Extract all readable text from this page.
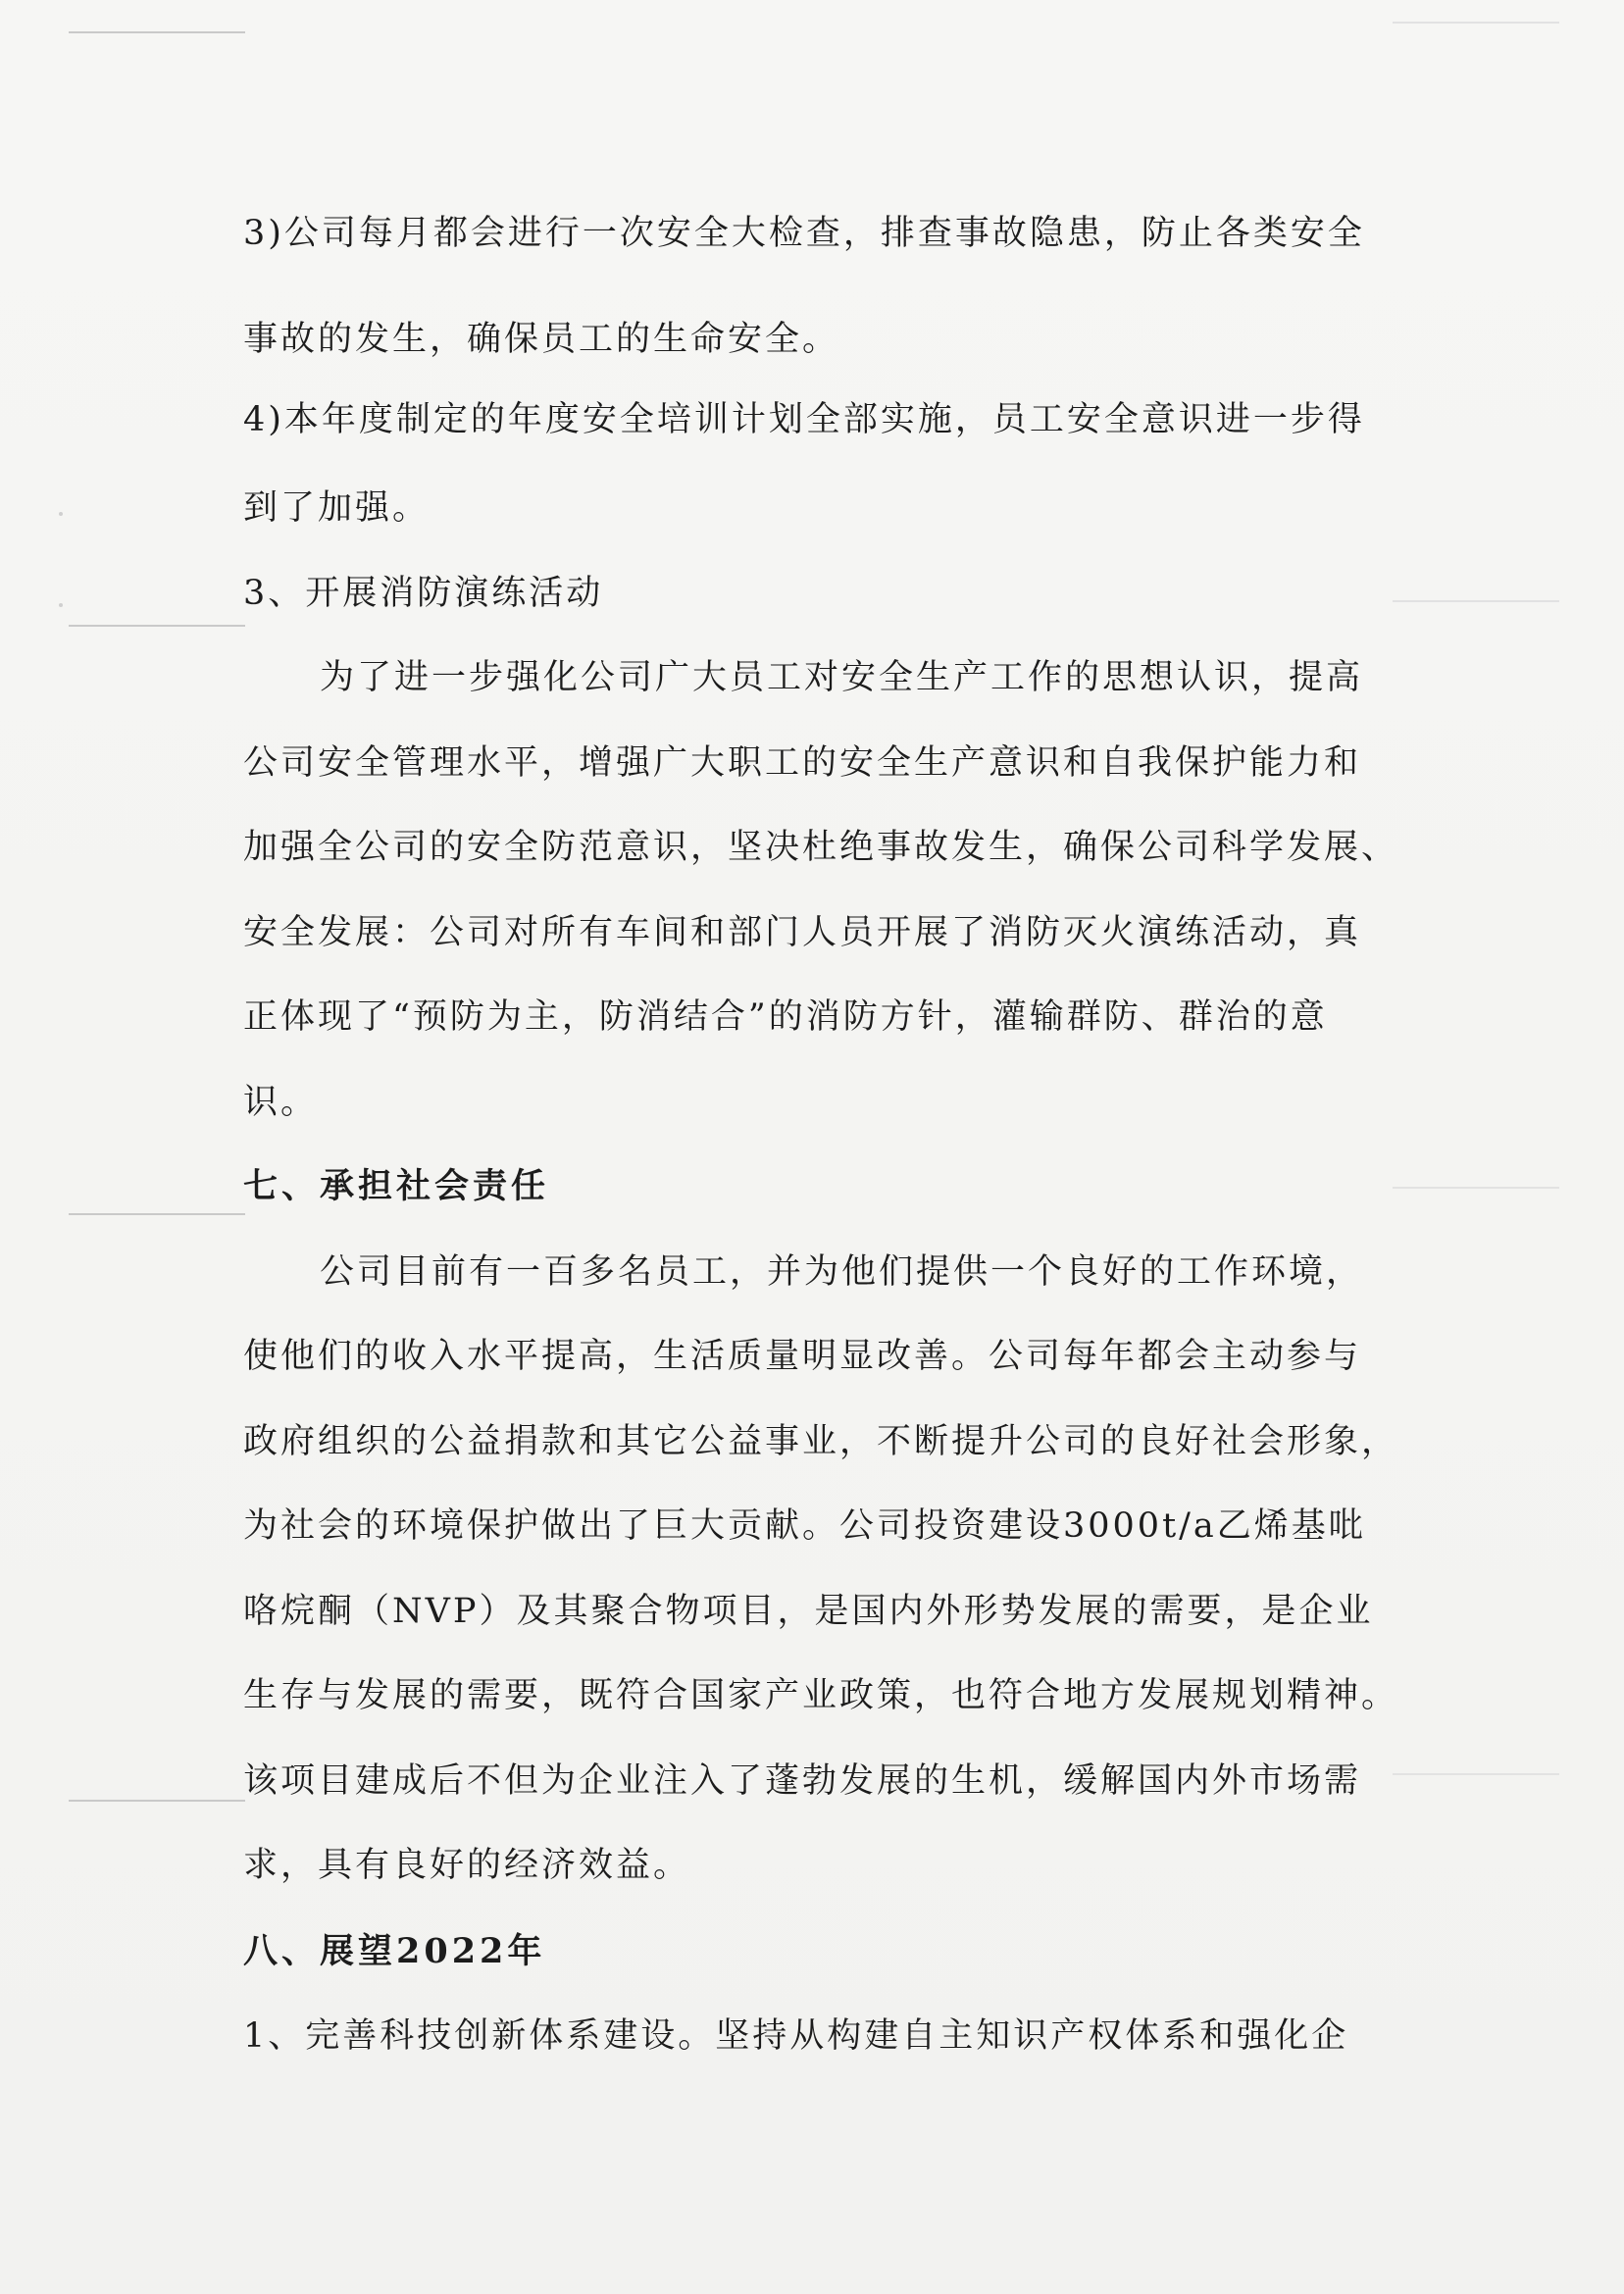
3)公司每月都会进行一次安全大检查，排查事故隐患，防止各类安全
事故的发生，确保员工的生命安全。
4)本年度制定的年度安全培训计划全部实施，员工安全意识进一步得
到了加强。
3、开展消防演练活动
为了进一步强化公司广大员工对安全生产工作的思想认识，提高
公司安全管理水平，增强广大职工的安全生产意识和自我保护能力和
加强全公司的安全防范意识，坚决杜绝事故发生，确保公司科学发展、
安全发展：公司对所有车间和部门人员开展了消防灭火演练活动，真
正体现了“预防为主，防消结合”的消防方针，灌输群防、群治的意
识。
七、承担社会责任
公司目前有一百多名员工，并为他们提供一个良好的工作环境，
使他们的收入水平提高，生活质量明显改善。公司每年都会主动参与
政府组织的公益捐款和其它公益事业，不断提升公司的良好社会形象，
为社会的环境保护做出了巨大贡献。公司投资建设3000t/a乙烯基吡
咯烷酮（NVP）及其聚合物项目，是国内外形势发展的需要，是企业
生存与发展的需要，既符合国家产业政策，也符合地方发展规划精神。
该项目建成后不但为企业注入了蓬勃发展的生机，缓解国内外市场需
求，具有良好的经济效益。
八、展望2022年
1、完善科技创新体系建设。坚持从构建自主知识产权体系和强化企
